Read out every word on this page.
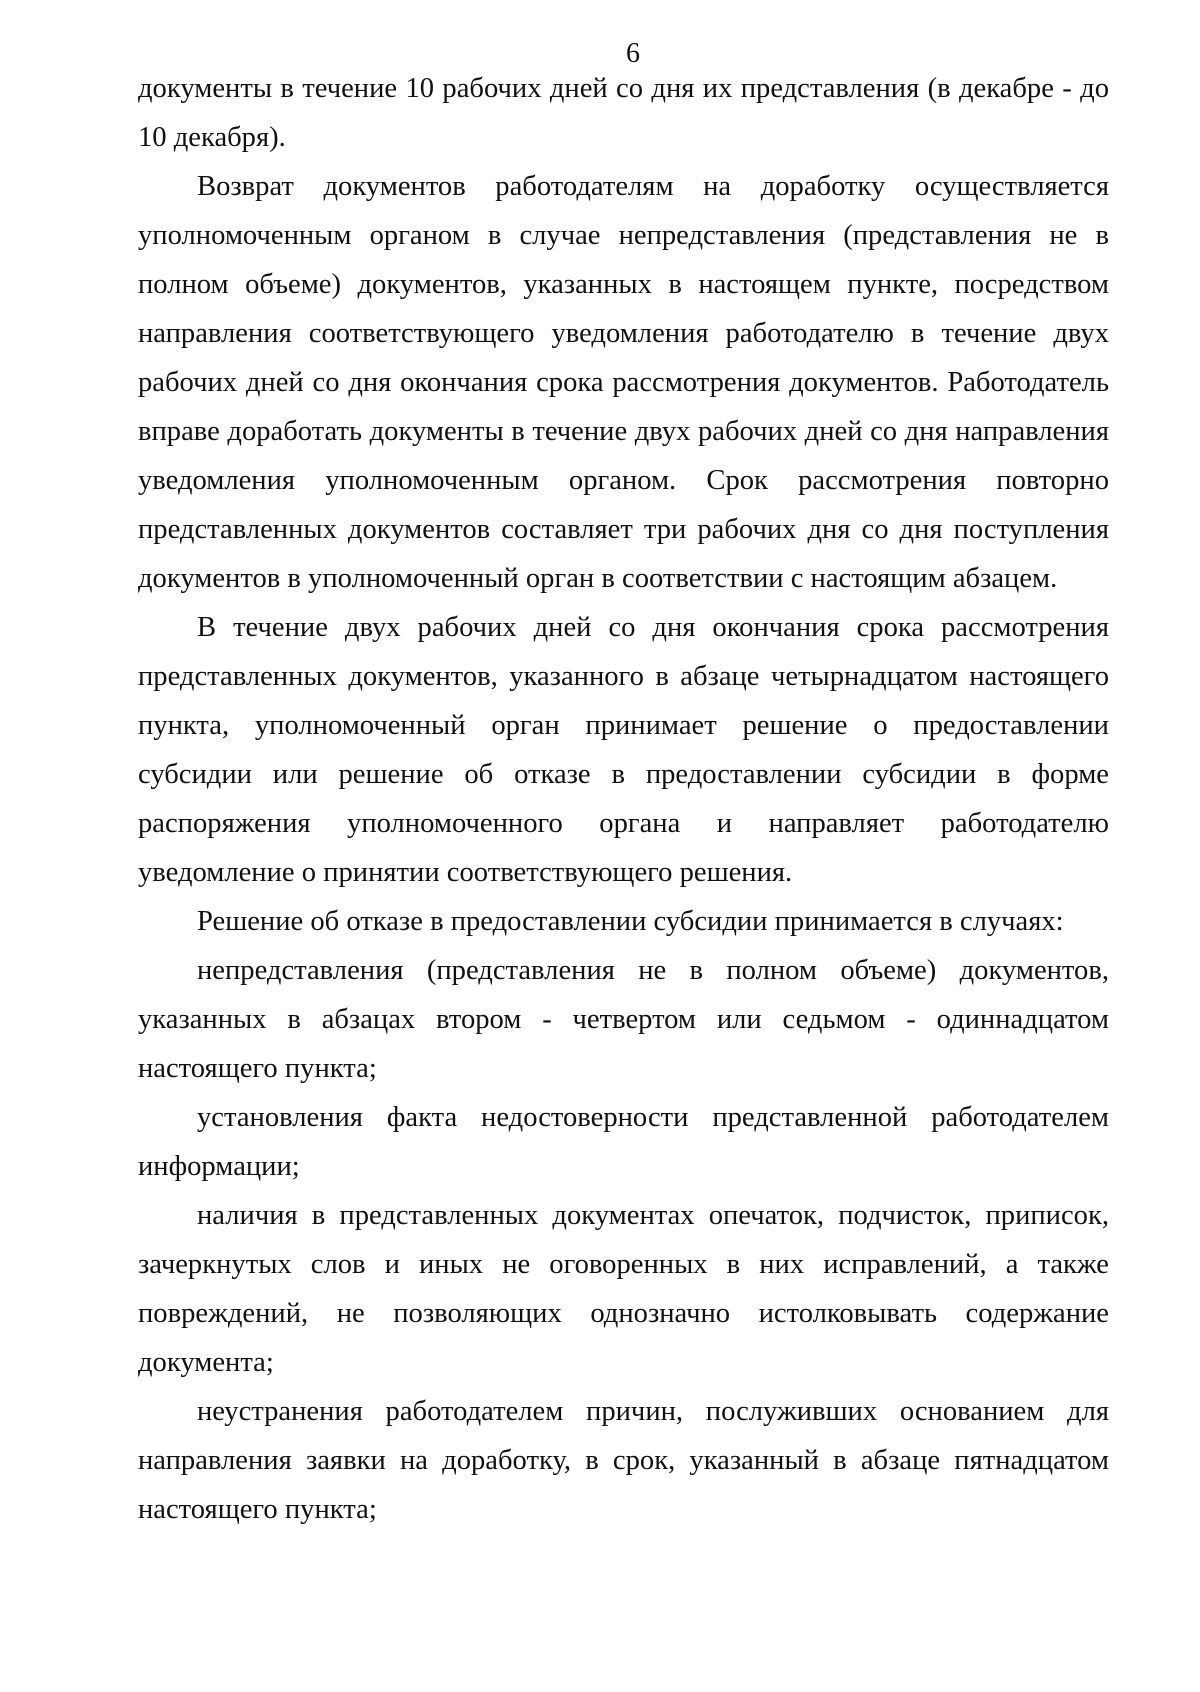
6

документы в течение 10 рабочих дней со дня их представления (в декабре - до 10 декабря).

Возврат документов работодателям на доработку осуществляется уполномоченным органом в случае непредставления (представления не в полном объеме) документов, указанных в настоящем пункте, посредством направления соответствующего уведомления работодателю в течение двух рабочих дней со дня окончания срока рассмотрения документов. Работодатель вправе доработать документы в течение двух рабочих дней со дня направления уведомления уполномоченным органом. Срок рассмотрения повторно представленных документов составляет три рабочих дня со дня поступления документов в уполномоченный орган в соответствии с настоящим абзацем.

В течение двух рабочих дней со дня окончания срока рассмотрения представленных документов, указанного в абзаце четырнадцатом настоящего пункта, уполномоченный орган принимает решение о предоставлении субсидии или решение об отказе в предоставлении субсидии в форме распоряжения уполномоченного органа и направляет работодателю уведомление о принятии соответствующего решения.

Решение об отказе в предоставлении субсидии принимается в случаях:

непредставления (представления не в полном объеме) документов, указанных в абзацах втором - четвертом или седьмом - одиннадцатом настоящего пункта;

установления факта недостоверности представленной работодателем информации;

наличия в представленных документах опечаток, подчисток, приписок, зачеркнутых слов и иных не оговоренных в них исправлений, а также повреждений, не позволяющих однозначно истолковывать содержание документа;

неустранения работодателем причин, послуживших основанием для направления заявки на доработку, в срок, указанный в абзаце пятнадцатом настоящего пункта;
